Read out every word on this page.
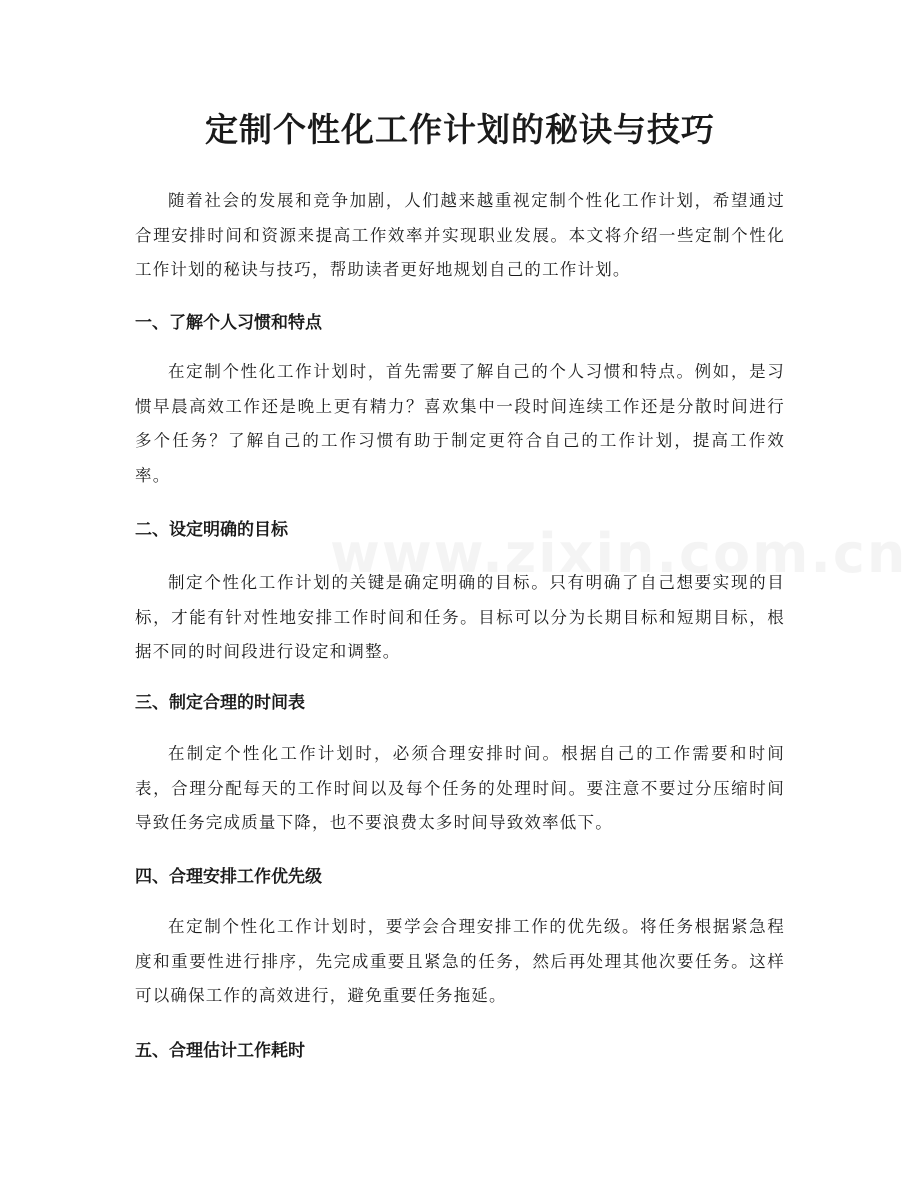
定制个性化工作计划的秘诀与技巧

随着社会的发展和竞争加剧，人们越来越重视定制个性化工作计划，希望通过合理安排时间和资源来提高工作效率并实现职业发展。本文将介绍一些定制个性化工作计划的秘诀与技巧，帮助读者更好地规划自己的工作计划。

一、了解个人习惯和特点

在定制个性化工作计划时，首先需要了解自己的个人习惯和特点。例如，是习惯早晨高效工作还是晚上更有精力？喜欢集中一段时间连续工作还是分散时间进行多个任务？了解自己的工作习惯有助于制定更符合自己的工作计划，提高工作效率。

二、设定明确的目标

制定个性化工作计划的关键是确定明确的目标。只有明确了自己想要实现的目标，才能有针对性地安排工作时间和任务。目标可以分为长期目标和短期目标，根据不同的时间段进行设定和调整。

三、制定合理的时间表

在制定个性化工作计划时，必须合理安排时间。根据自己的工作需要和时间表，合理分配每天的工作时间以及每个任务的处理时间。要注意不要过分压缩时间导致任务完成质量下降，也不要浪费太多时间导致效率低下。

四、合理安排工作优先级

在定制个性化工作计划时，要学会合理安排工作的优先级。将任务根据紧急程度和重要性进行排序，先完成重要且紧急的任务，然后再处理其他次要任务。这样可以确保工作的高效进行，避免重要任务拖延。

五、合理估计工作耗时
